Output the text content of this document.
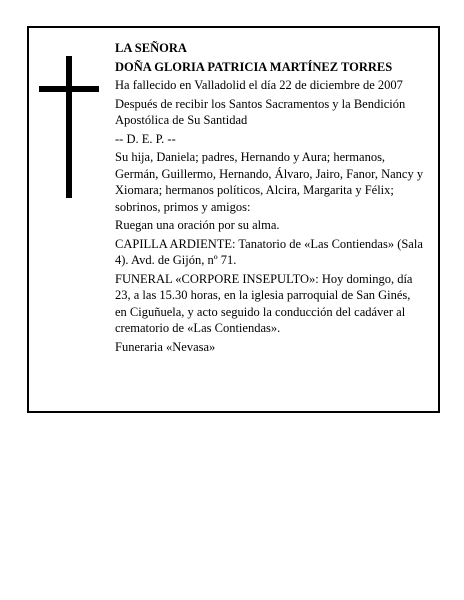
LA SEÑORA

DOÑA GLORIA PATRICIA MARTÍNEZ TORRES

Ha fallecido en Valladolid el día 22 de diciembre de 2007

Después de recibir los Santos Sacramentos y la Bendición Apostólica de Su Santidad

-- D. E. P. --

Su hija, Daniela; padres, Hernando y Aura; hermanos, Germán, Guillermo, Hernando, Álvaro, Jairo, Fanor, Nancy y Xiomara; hermanos políticos, Alcira, Margarita y Félix; sobrinos, primos y amigos:

Ruegan una oración por su alma.

CAPILLA ARDIENTE: Tanatorio de «Las Contiendas» (Sala 4). Avd. de Gijón, nº 71.

FUNERAL «CORPORE INSEPULTO»: Hoy domingo, día 23, a las 15.30 horas, en la iglesia parroquial de San Ginés, en Ciguñuela, y acto seguido la conducción del cadáver al crematorio de «Las Contiendas».

Funeraria «Nevasa»
